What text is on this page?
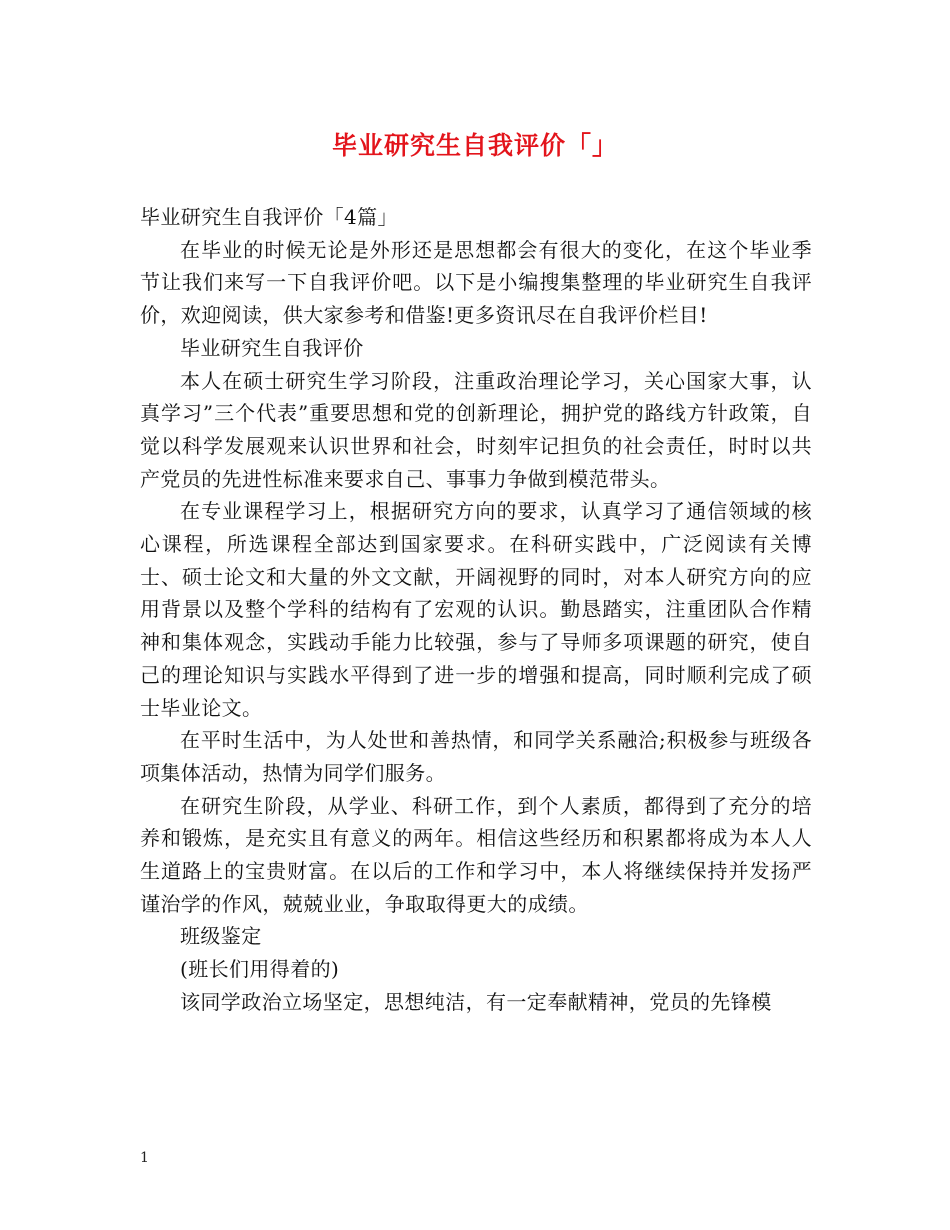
毕业研究生自我评价「」

毕业研究生自我评价「4篇」

在毕业的时候无论是外形还是思想都会有很大的变化，在这个毕业季节让我们来写一下自我评价吧。以下是小编搜集整理的毕业研究生自我评价，欢迎阅读，供大家参考和借鉴!更多资讯尽在自我评价栏目!

毕业研究生自我评价

本人在硕士研究生学习阶段，注重政治理论学习，关心国家大事，认真学习”三个代表”重要思想和党的创新理论，拥护党的路线方针政策，自觉以科学发展观来认识世界和社会，时刻牢记担负的社会责任，时时以共产党员的先进性标准来要求自己、事事力争做到模范带头。

在专业课程学习上，根据研究方向的要求，认真学习了通信领域的核心课程，所选课程全部达到国家要求。在科研实践中，广泛阅读有关博士、硕士论文和大量的外文文献，开阔视野的同时，对本人研究方向的应用背景以及整个学科的结构有了宏观的认识。勤恳踏实，注重团队合作精神和集体观念，实践动手能力比较强，参与了导师多项课题的研究，使自己的理论知识与实践水平得到了进一步的增强和提高，同时顺利完成了硕士毕业论文。

在平时生活中，为人处世和善热情，和同学关系融洽;积极参与班级各项集体活动，热情为同学们服务。

在研究生阶段，从学业、科研工作，到个人素质，都得到了充分的培养和锻炼，是充实且有意义的两年。相信这些经历和积累都将成为本人人生道路上的宝贵财富。在以后的工作和学习中，本人将继续保持并发扬严谨治学的作风，兢兢业业，争取取得更大的成绩。

班级鉴定

(班长们用得着的)

该同学政治立场坚定，思想纯洁，有一定奉献精神，党员的先锋模

1
